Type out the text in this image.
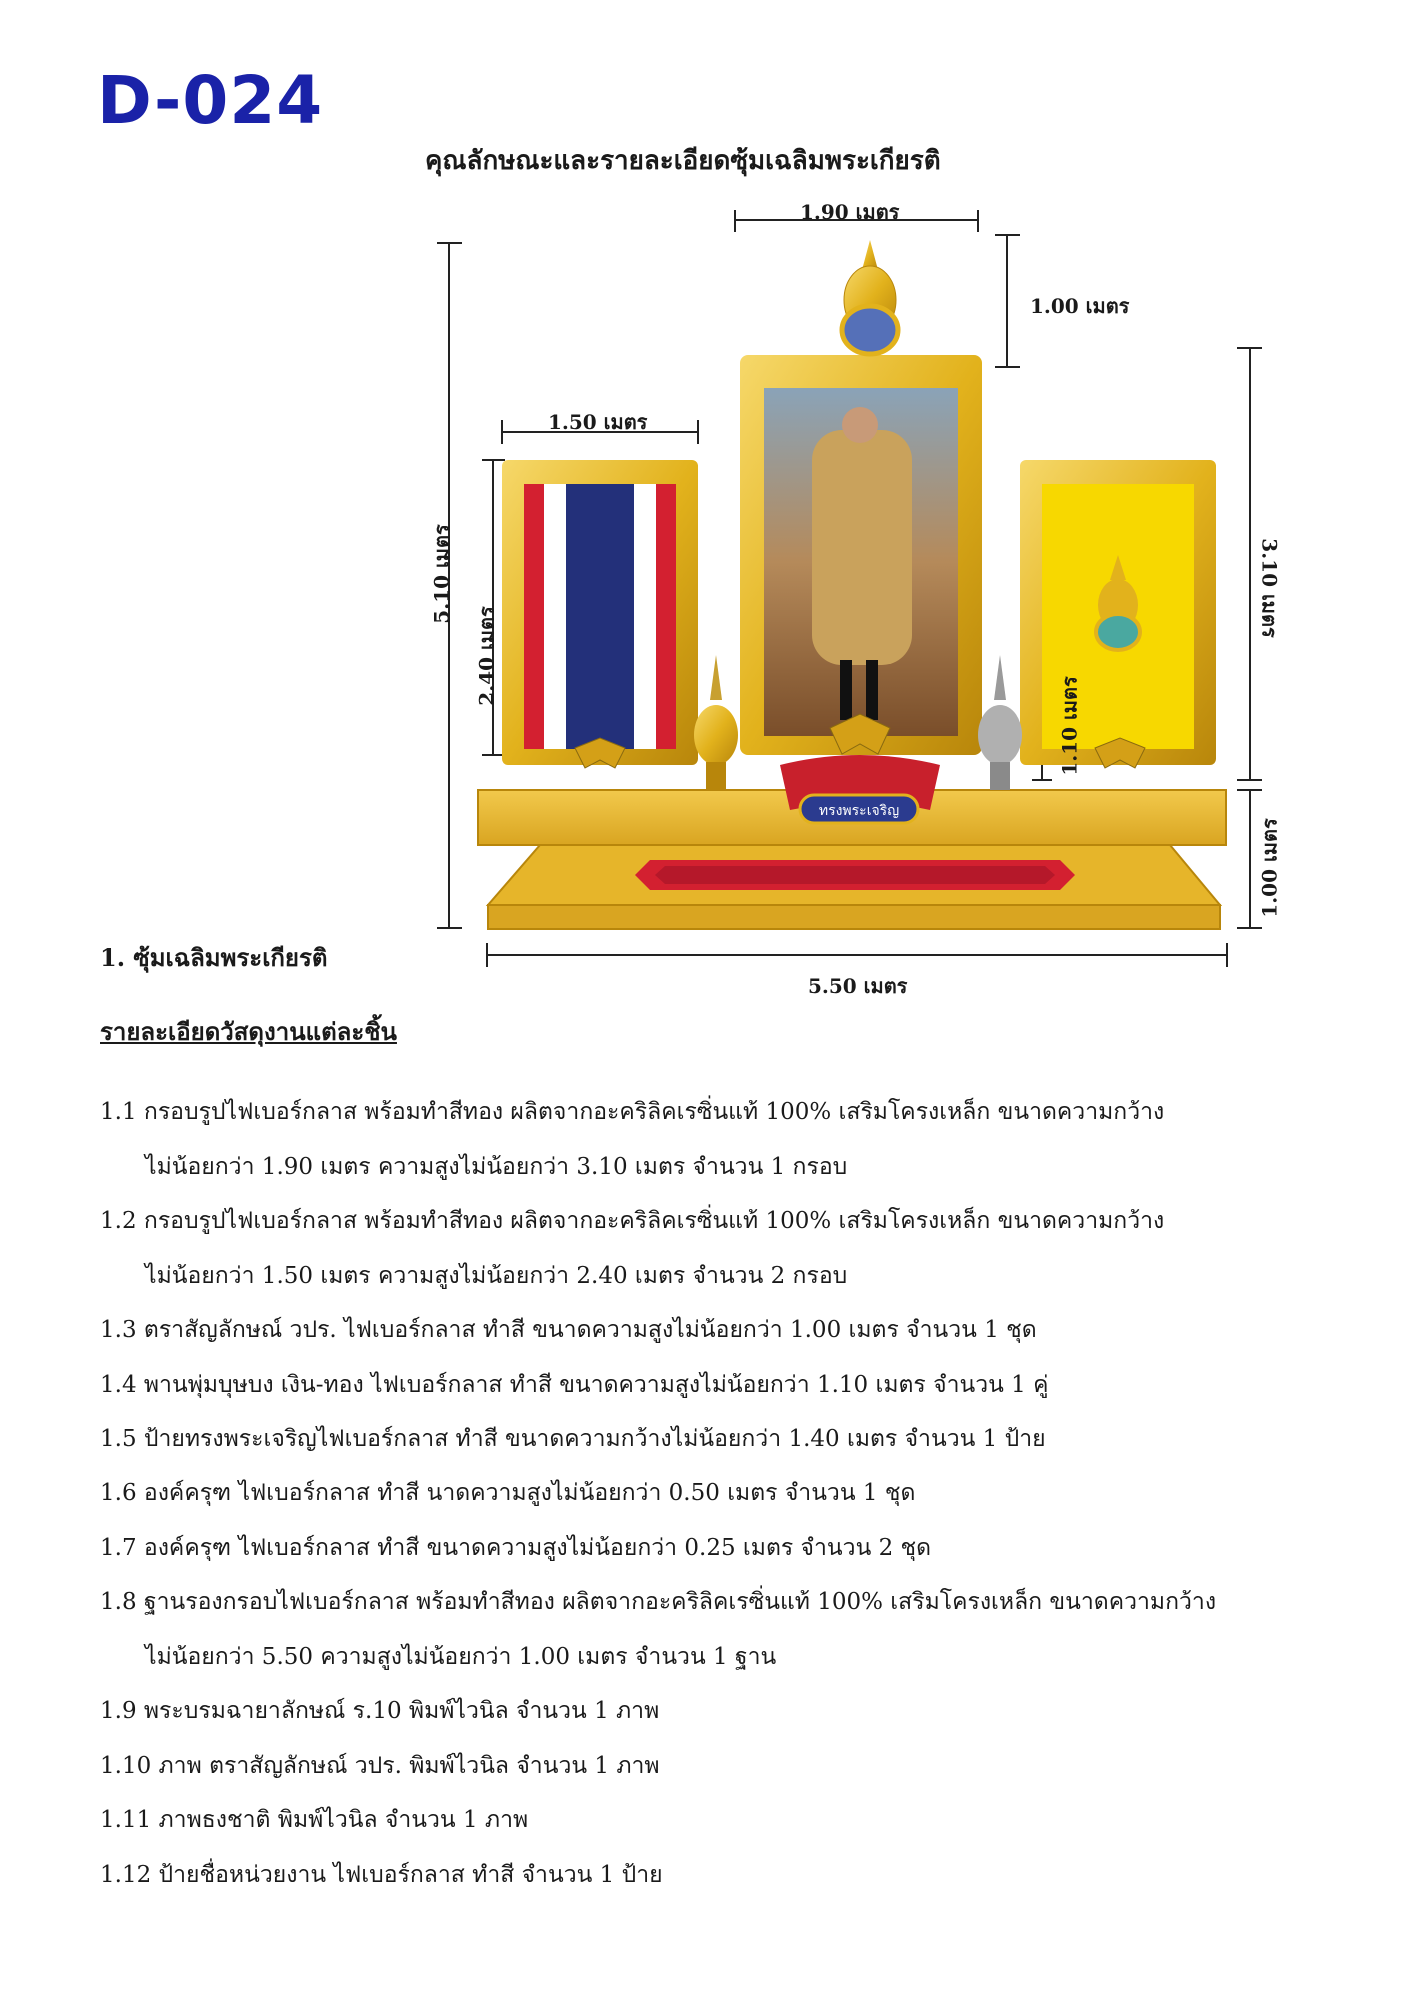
D-024
คุณลักษณะและรายละเอียดซุ้มเฉลิมพระเกียรติ
ทรงพระเจริญ
1.90 เมตร
1.00 เมตร
1.50 เมตร
5.10 เมตร
2.40 เมตร
3.10 เมตร
1.10 เมตร
1.00 เมตร
5.50 เมตร
1. ซุ้มเฉลิมพระเกียรติ
รายละเอียดวัสดุงานแต่ละชิ้น
1.1 กรอบรูปไฟเบอร์กลาส พร้อมทำสีทอง ผลิตจากอะคริลิคเรซิ่นแท้ 100% เสริมโครงเหล็ก ขนาดความกว้าง
ไม่น้อยกว่า 1.90 เมตร ความสูงไม่น้อยกว่า 3.10 เมตร จำนวน 1 กรอบ
1.2 กรอบรูปไฟเบอร์กลาส พร้อมทำสีทอง ผลิตจากอะคริลิคเรซิ่นแท้ 100% เสริมโครงเหล็ก ขนาดความกว้าง
ไม่น้อยกว่า 1.50 เมตร ความสูงไม่น้อยกว่า 2.40 เมตร จำนวน 2 กรอบ
1.3 ตราสัญลักษณ์ วปร. ไฟเบอร์กลาส ทำสี ขนาดความสูงไม่น้อยกว่า 1.00 เมตร จำนวน 1 ชุด
1.4 พานพุ่มบุษบง เงิน-ทอง ไฟเบอร์กลาส ทำสี ขนาดความสูงไม่น้อยกว่า 1.10 เมตร จำนวน 1 คู่
1.5 ป้ายทรงพระเจริญไฟเบอร์กลาส ทำสี ขนาดความกว้างไม่น้อยกว่า 1.40 เมตร จำนวน 1 ป้าย
1.6 องค์ครุฑ ไฟเบอร์กลาส ทำสี นาดความสูงไม่น้อยกว่า 0.50 เมตร จำนวน 1 ชุด
1.7 องค์ครุฑ ไฟเบอร์กลาส ทำสี ขนาดความสูงไม่น้อยกว่า 0.25 เมตร จำนวน 2 ชุด
1.8 ฐานรองกรอบไฟเบอร์กลาส พร้อมทำสีทอง ผลิตจากอะคริลิคเรซิ่นแท้ 100% เสริมโครงเหล็ก ขนาดความกว้าง
ไม่น้อยกว่า 5.50 ความสูงไม่น้อยกว่า 1.00 เมตร จำนวน 1 ฐาน
1.9 พระบรมฉายาลักษณ์ ร.10 พิมพ์ไวนิล จำนวน 1 ภาพ
1.10 ภาพ ตราสัญลักษณ์ วปร. พิมพ์ไวนิล จำนวน 1 ภาพ
1.11 ภาพธงชาติ พิมพ์ไวนิล จำนวน 1 ภาพ
1.12 ป้ายชื่อหน่วยงาน ไฟเบอร์กลาส ทำสี จำนวน 1 ป้าย
